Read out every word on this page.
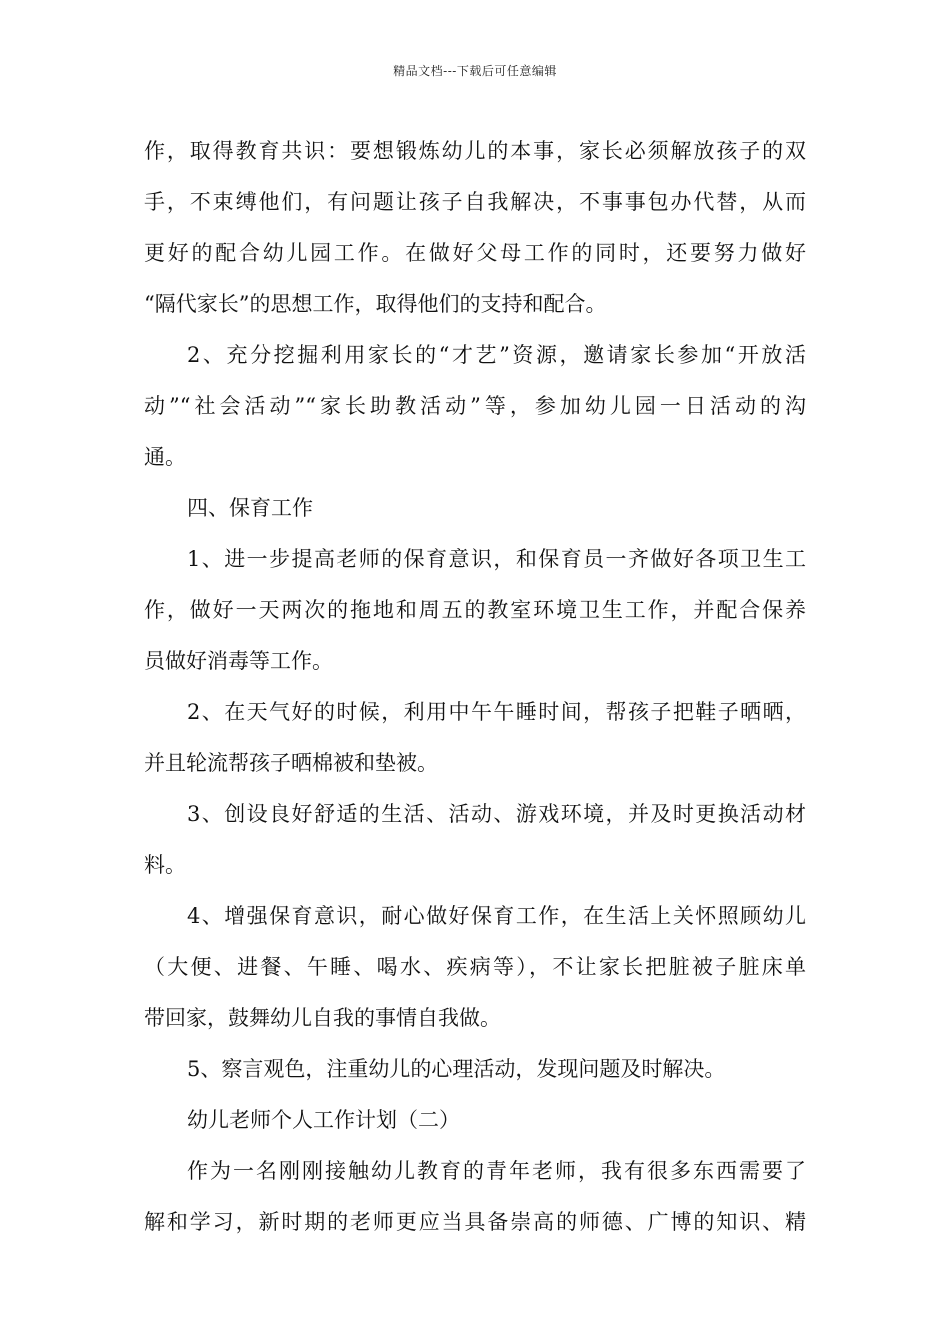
精品文档---下载后可任意编辑
作，取得教育共识：要想锻炼幼儿的本事，家长必须解放孩子的双
手，不束缚他们，有问题让孩子自我解决，不事事包办代替，从而
更好的配合幼儿园工作。在做好父母工作的同时，还要努力做好
“隔代家长”的思想工作，取得他们的支持和配合。
2、充分挖掘利用家长的“才艺”资源，邀请家长参加“开放活
动”“社会活动”“家长助教活动”等，参加幼儿园一日活动的沟
通。
四、保育工作
1、进一步提高老师的保育意识，和保育员一齐做好各项卫生工
作，做好一天两次的拖地和周五的教室环境卫生工作，并配合保养
员做好消毒等工作。
2、在天气好的时候，利用中午午睡时间，帮孩子把鞋子晒晒，
并且轮流帮孩子晒棉被和垫被。
3、创设良好舒适的生活、活动、游戏环境，并及时更换活动材
料。
4、增强保育意识，耐心做好保育工作，在生活上关怀照顾幼儿
（大便、进餐、午睡、喝水、疾病等），不让家长把脏被子脏床单
带回家，鼓舞幼儿自我的事情自我做。
5、察言观色，注重幼儿的心理活动，发现问题及时解决。
幼儿老师个人工作计划（二）
作为一名刚刚接触幼儿教育的青年老师，我有很多东西需要了
解和学习，新时期的老师更应当具备崇高的师德、广博的知识、精
